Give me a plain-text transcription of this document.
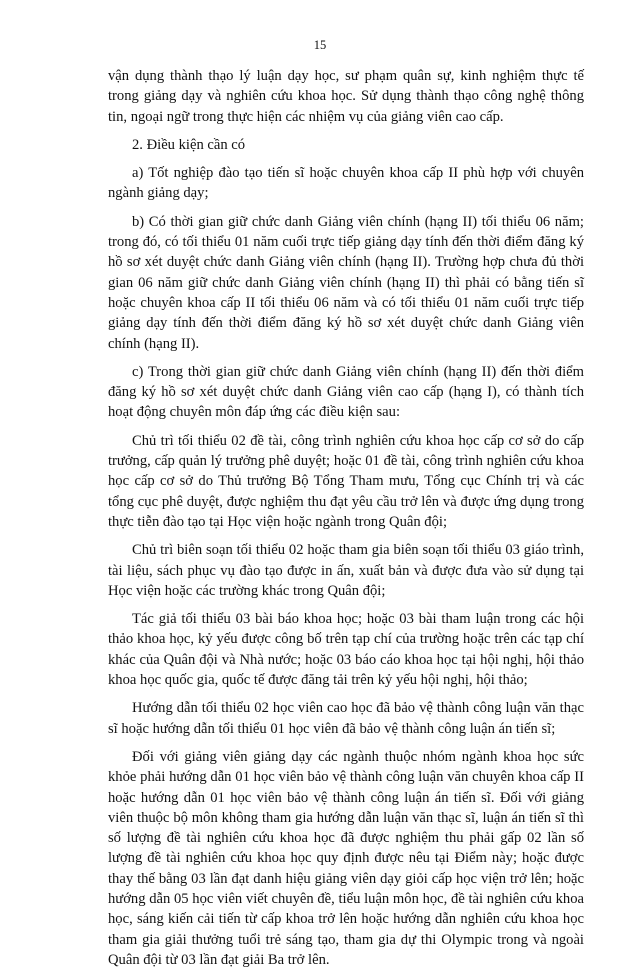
15

vận dụng thành thạo lý luận dạy học, sư phạm quân sự, kinh nghiệm thực tế trong giảng dạy và nghiên cứu khoa học. Sử dụng thành thạo công nghệ thông tin, ngoại ngữ trong thực hiện các nhiệm vụ của giảng viên cao cấp.

2. Điều kiện cần có

a) Tốt nghiệp đào tạo tiến sĩ hoặc chuyên khoa cấp II phù hợp với chuyên ngành giảng dạy;

b) Có thời gian giữ chức danh Giảng viên chính (hạng II) tối thiểu 06 năm; trong đó, có tối thiểu 01 năm cuối trực tiếp giảng dạy tính đến thời điểm đăng ký hồ sơ xét duyệt chức danh Giảng viên chính (hạng II). Trường hợp chưa đủ thời gian 06 năm giữ chức danh Giảng viên chính (hạng II) thì phải có bằng tiến sĩ hoặc chuyên khoa cấp II tối thiểu 06 năm và có tối thiểu 01 năm cuối trực tiếp giảng dạy tính đến thời điểm đăng ký hồ sơ xét duyệt chức danh Giảng viên chính (hạng II).

c) Trong thời gian giữ chức danh Giảng viên chính (hạng II) đến thời điểm đăng ký hồ sơ xét duyệt chức danh Giảng viên cao cấp (hạng I), có thành tích hoạt động chuyên môn đáp ứng các điều kiện sau:

Chủ trì tối thiểu 02 đề tài, công trình nghiên cứu khoa học cấp cơ sở do cấp trưởng, cấp quản lý trưởng phê duyệt; hoặc 01 đề tài, công trình nghiên cứu khoa học cấp cơ sở do Thủ trưởng Bộ Tổng Tham mưu, Tổng cục Chính trị và các tổng cục phê duyệt, được nghiệm thu đạt yêu cầu trở lên và được ứng dụng trong thực tiễn đào tạo tại Học viện hoặc ngành trong Quân đội;

Chủ trì biên soạn tối thiểu 02 hoặc tham gia biên soạn tối thiểu 03 giáo trình, tài liệu, sách phục vụ đào tạo được in ấn, xuất bản và được đưa vào sử dụng tại Học viện hoặc các trường khác trong Quân đội;

Tác giả tối thiểu 03 bài báo khoa học; hoặc 03 bài tham luận trong các hội thảo khoa học, kỷ yếu được công bố trên tạp chí của trường hoặc trên các tạp chí khác của Quân đội và Nhà nước; hoặc 03 báo cáo khoa học tại hội nghị, hội thảo khoa học quốc gia, quốc tế được đăng tải trên kỷ yếu hội nghị, hội thảo;

Hướng dẫn tối thiểu 02 học viên cao học đã bảo vệ thành công luận văn thạc sĩ hoặc hướng dẫn tối thiểu 01 học viên đã bảo vệ thành công luận án tiến sĩ;

Đối với giảng viên giảng dạy các ngành thuộc nhóm ngành khoa học sức khỏe phải hướng dẫn 01 học viên bảo vệ thành công luận văn chuyên khoa cấp II hoặc hướng dẫn 01 học viên bảo vệ thành công luận án tiến sĩ. Đối với giảng viên thuộc bộ môn không tham gia hướng dẫn luận văn thạc sĩ, luận án tiến sĩ thì số lượng đề tài nghiên cứu khoa học đã được nghiệm thu phải gấp 02 lần số lượng đề tài nghiên cứu khoa học quy định được nêu tại Điểm này; hoặc được thay thế bằng 03 lần đạt danh hiệu giảng viên dạy giỏi cấp học viện trở lên; hoặc hướng dẫn 05 học viên viết chuyên đề, tiểu luận môn học, đề tài nghiên cứu khoa học, sáng kiến cải tiến từ cấp khoa trở lên hoặc hướng dẫn nghiên cứu khoa học tham gia giải thưởng tuổi trẻ sáng tạo, tham gia dự thi Olympic trong và ngoài Quân đội từ 03 lần đạt giải Ba trở lên.
